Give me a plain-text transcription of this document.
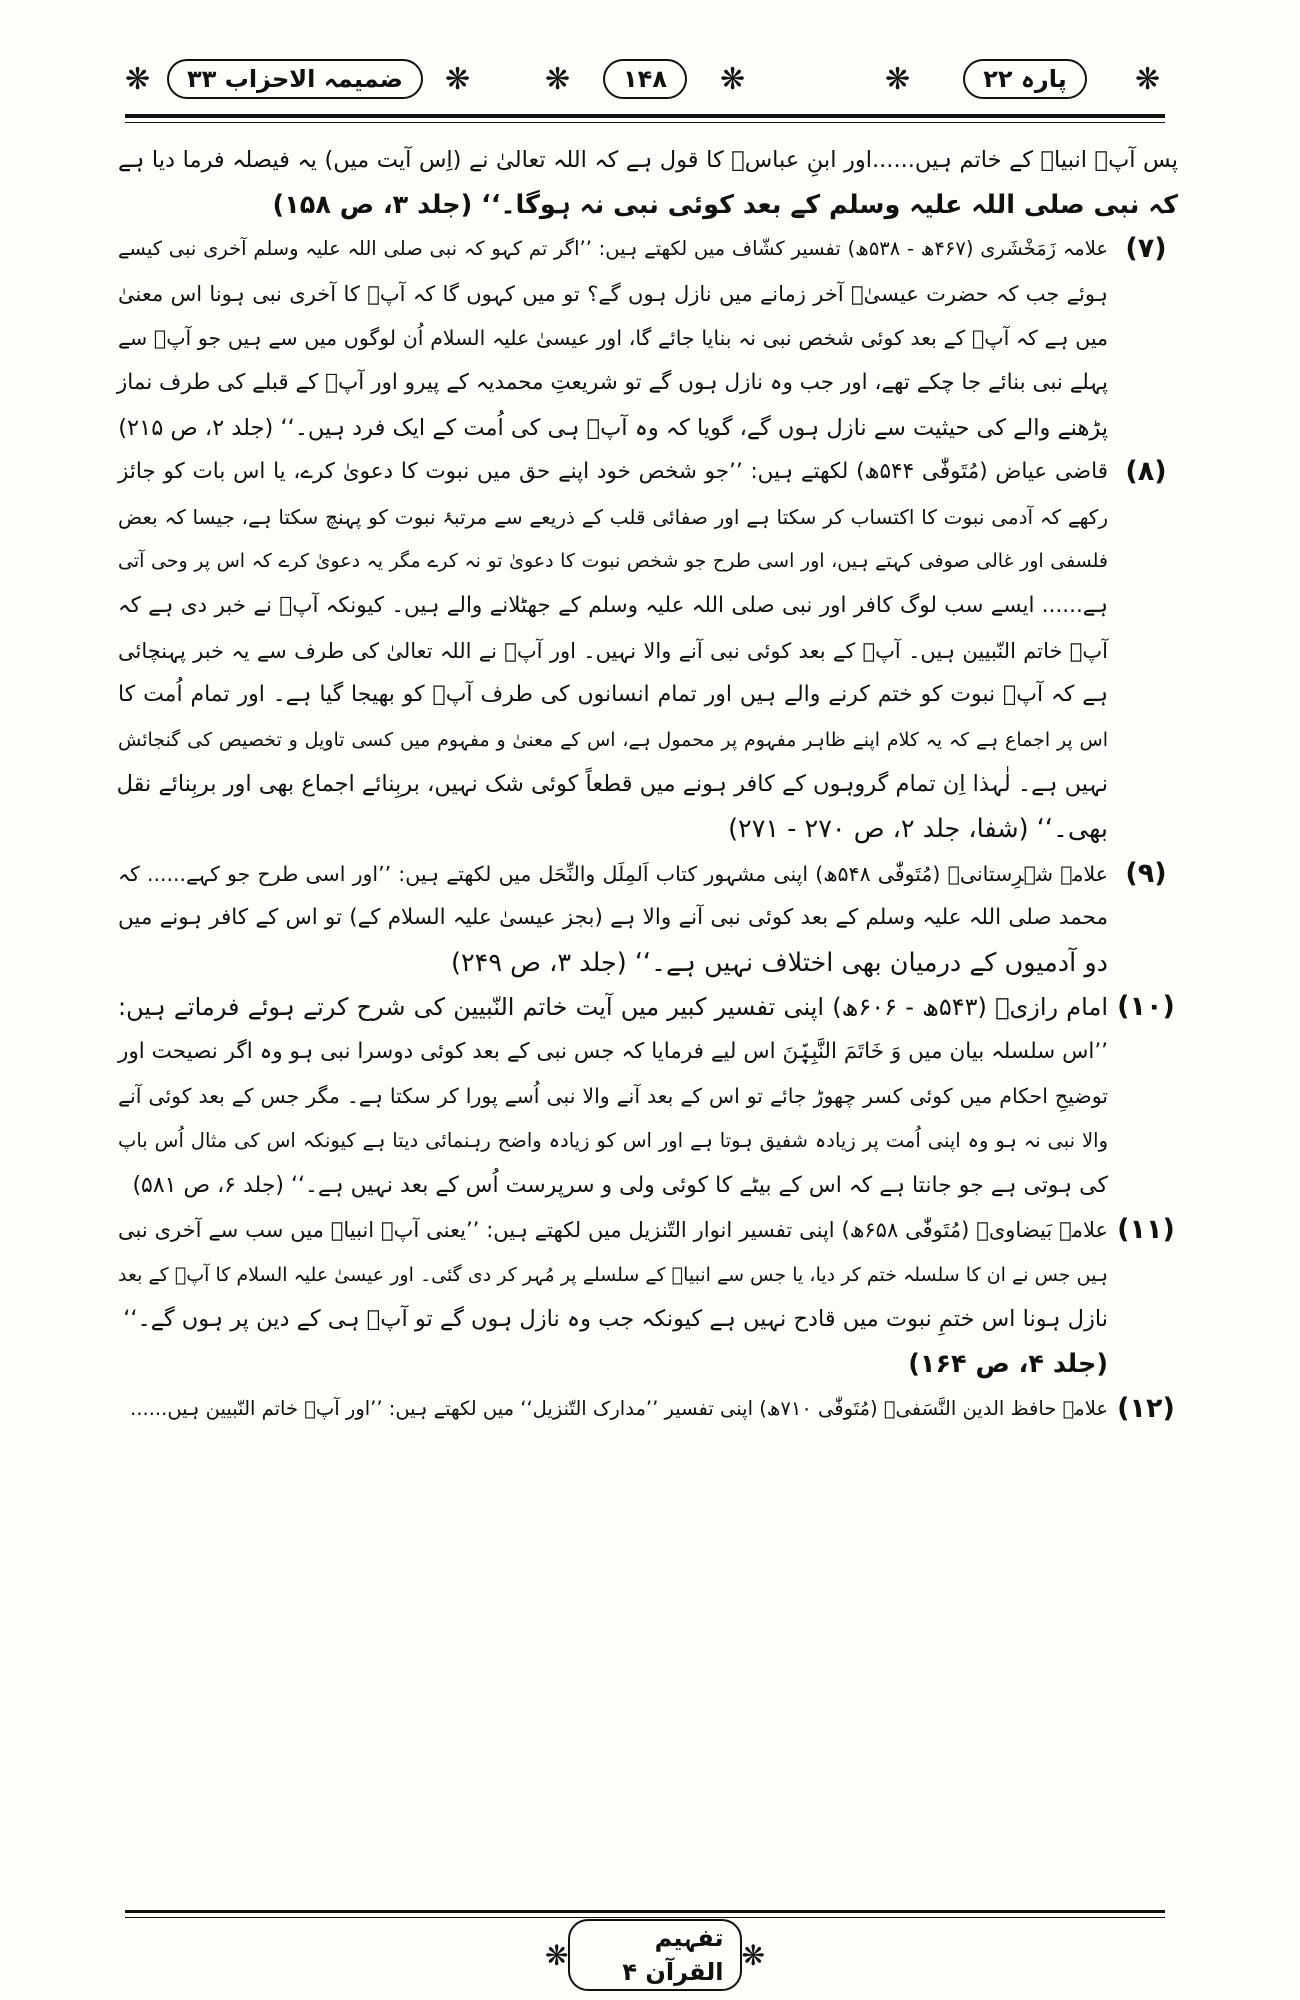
❋	ضمیمہ الاحزاب ۳۳	❋ ❋	۱۴۸	❋	❋	پارہ ۲۲	❋
پس آپؐ انبیاؑ کے خاتم ہیں......اور ابنِ عباسؓ کا قول ہے کہ اللہ تعالیٰ نے (اِس آیت میں) یہ فیصلہ فرما دیا ہے
کہ نبی صلی اللہ علیہ وسلم کے بعد کوئی نبی نہ ہوگا۔‘‘ (جلد ۳، ص ۱۵۸)
(۷)
علامہ زَمَخْشَری (۴۶۷ھ - ۵۳۸ھ) تفسیر کشّاف میں لکھتے ہیں: ’’اگر تم کہو کہ نبی صلی اللہ علیہ وسلم آخری نبی کیسے
ہوئے جب کہ حضرت عیسیٰؑ آخر زمانے میں نازل ہوں گے؟ تو میں کہوں گا کہ آپؐ کا آخری نبی ہونا اس معنیٰ
میں ہے کہ آپؐ کے بعد کوئی شخص نبی نہ بنایا جائے گا، اور عیسیٰ علیہ السلام اُن لوگوں میں سے ہیں جو آپؐ سے
پہلے نبی بنائے جا چکے تھے، اور جب وہ نازل ہوں گے تو شریعتِ محمدیہ کے پیرو اور آپؐ کے قبلے کی طرف نماز
پڑھنے والے کی حیثیت سے نازل ہوں گے، گویا کہ وہ آپؐ ہی کی اُمت کے ایک فرد ہیں۔‘‘ (جلد ۲، ص ۲۱۵)
(۸)
قاضی عیاض (مُتَوفّٰی ۵۴۴ھ) لکھتے ہیں: ’’جو شخص خود اپنے حق میں نبوت کا دعویٰ کرے، یا اس بات کو جائز
رکھے کہ آدمی نبوت کا اکتساب کر سکتا ہے اور صفائی قلب کے ذریعے سے مرتبۂ نبوت کو پہنچ سکتا ہے، جیسا کہ بعض
فلسفی اور غالی صوفی کہتے ہیں، اور اسی طرح جو شخص نبوت کا دعویٰ تو نہ کرے مگر یہ دعویٰ کرے کہ اس پر وحی آتی
ہے...... ایسے سب لوگ کافر اور نبی صلی اللہ علیہ وسلم کے جھٹلانے والے ہیں۔ کیونکہ آپؐ نے خبر دی ہے کہ
آپؐ خاتم النّبیین ہیں۔ آپؐ کے بعد کوئی نبی آنے والا نہیں۔ اور آپؐ نے اللہ تعالیٰ کی طرف سے یہ خبر پہنچائی
ہے کہ آپؐ نبوت کو ختم کرنے والے ہیں اور تمام انسانوں کی طرف آپؐ کو بھیجا گیا ہے۔ اور تمام اُمت کا
اس پر اجماع ہے کہ یہ کلام اپنے ظاہر مفہوم پر محمول ہے، اس کے معنیٰ و مفہوم میں کسی تاویل و تخصیص کی گنجائش
نہیں ہے۔ لٰہذا اِن تمام گروہوں کے کافر ہونے میں قطعاً کوئی شک نہیں، بربِنائے اجماع بھی اور بربِنائے نقل
بھی۔‘‘ (شفا، جلد ۲، ص ۲۷۰ - ۲۷۱)
(۹)
علامہ شہرِستانیؒ (مُتَوفّٰی ۵۴۸ھ) اپنی مشہور کتاب اَلمِلَل والنِّحَل میں لکھتے ہیں: ’’اور اسی طرح جو کہے...... کہ
محمد صلی اللہ علیہ وسلم کے بعد کوئی نبی آنے والا ہے (بجز عیسیٰ علیہ السلام کے) تو اس کے کافر ہونے میں
دو آدمیوں کے درمیان بھی اختلاف نہیں ہے۔‘‘ (جلد ۳، ص ۲۴۹)
(۱۰)
امام رازیؒ (۵۴۳ھ - ۶۰۶ھ) اپنی تفسیر کبیر میں آیت خاتم النّبیین کی شرح کرتے ہوئے فرماتے ہیں:
’’اس سلسلہ بیان میں وَ خَاتَمَ النَّبِیّٖنَ اس لیے فرمایا کہ جس نبی کے بعد کوئی دوسرا نبی ہو وہ اگر نصیحت اور
توضیحِ احکام میں کوئی کسر چھوڑ جائے تو اس کے بعد آنے والا نبی اُسے پورا کر سکتا ہے۔ مگر جس کے بعد کوئی آنے
والا نبی نہ ہو وہ اپنی اُمت پر زیادہ شفیق ہوتا ہے اور اس کو زیادہ واضح رہنمائی دیتا ہے کیونکہ اس کی مثال اُس باپ
کی ہوتی ہے جو جانتا ہے کہ اس کے بیٹے کا کوئی ولی و سرپرست اُس کے بعد نہیں ہے۔‘‘ (جلد ۶، ص ۵۸۱)
(۱۱)
علامہ بَیضاویؒ (مُتَوفّٰی ۶۵۸ھ) اپنی تفسیر انوار التّنزیل میں لکھتے ہیں: ’’یعنی آپؐ انبیاؑ میں سب سے آخری نبی
ہیں جس نے ان کا سلسلہ ختم کر دیا، یا جس سے انبیاؑ کے سلسلے پر مُہر کر دی گئی۔ اور عیسیٰ علیہ السلام کا آپؐ کے بعد
نازل ہونا اس ختمِ نبوت میں قادح نہیں ہے کیونکہ جب وہ نازل ہوں گے تو آپؐ ہی کے دین پر ہوں گے۔‘‘
(جلد ۴، ص ۱۶۴)
(۱۲)
علامہ حافظ الدین النَّسَفیؒ (مُتَوفّٰی ۷۱۰ھ) اپنی تفسیر ’’مدارک التّنزیل‘‘ میں لکھتے ہیں: ’’اور آپؐ خاتم النّبیین ہیں......
❋
تفہیم القرآن ۴
❋
